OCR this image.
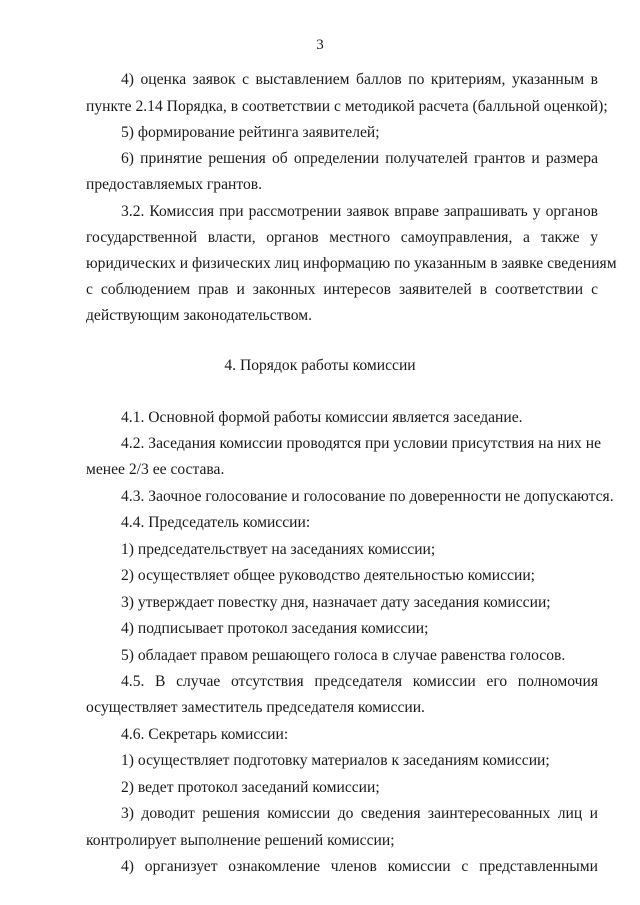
3
4) оценка заявок с выставлением баллов по критериям, указанным в
пункте 2.14 Порядка, в соответствии с методикой расчета (балльной оценкой);
5) формирование рейтинга заявителей;
6) принятие решения об определении получателей грантов и размера
предоставляемых грантов.
3.2. Комиссия при рассмотрении заявок вправе запрашивать у органов
государственной власти, органов местного самоуправления, а также у
юридических и физических лиц информацию по указанным в заявке сведениям
с соблюдением прав и законных интересов заявителей в соответствии с
действующим законодательством.
4. Порядок работы комиссии
4.1. Основной формой работы комиссии является заседание.
4.2. Заседания комиссии проводятся при условии присутствия на них не
менее 2/3 ее состава.
4.3. Заочное голосование и голосование по доверенности не допускаются.
4.4. Председатель комиссии:
1) председательствует на заседаниях комиссии;
2) осуществляет общее руководство деятельностью комиссии;
3) утверждает повестку дня, назначает дату заседания комиссии;
4) подписывает протокол заседания комиссии;
5) обладает правом решающего голоса в случае равенства голосов.
4.5. В случае отсутствия председателя комиссии его полномочия
осуществляет заместитель председателя комиссии.
4.6. Секретарь комиссии:
1) осуществляет подготовку материалов к заседаниям комиссии;
2) ведет протокол заседаний комиссии;
3) доводит решения комиссии до сведения заинтересованных лиц и
контролирует выполнение решений комиссии;
4) организует ознакомление членов комиссии с представленными
